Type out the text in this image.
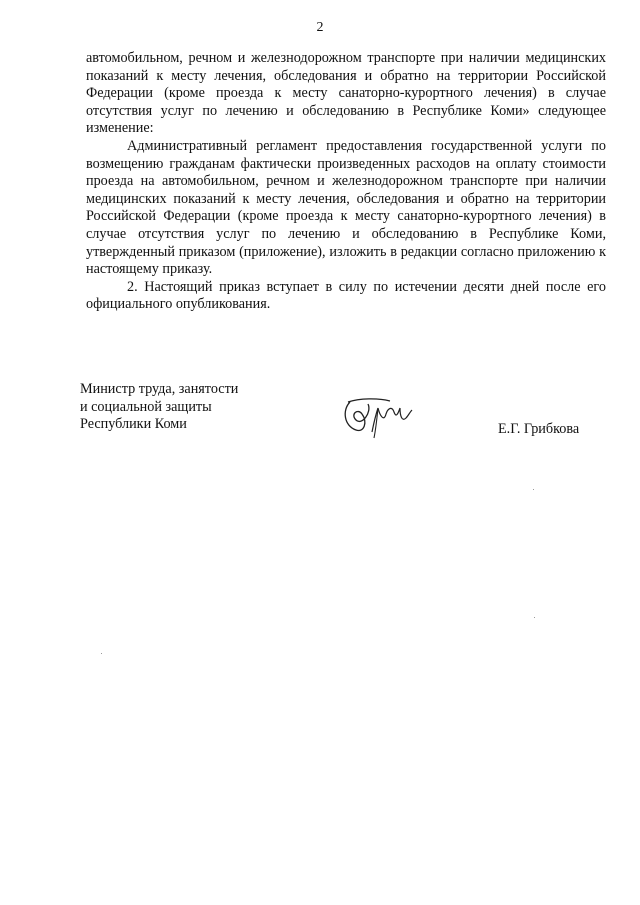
2

автомобильном, речном и железнодорожном транспорте при наличии медицинских показаний к месту лечения, обследования и обратно на территории Российской Федерации (кроме проезда к месту санаторно-курортного лечения) в случае отсутствия услуг по лечению и обследованию в Республике Коми» следующее изменение:

Административный регламент предоставления государственной услуги по возмещению гражданам фактически произведенных расходов на оплату стоимости проезда на автомобильном, речном и железнодорожном транспорте при наличии медицинских показаний к месту лечения, обследования и обратно на территории Российской Федерации (кроме проезда к месту санаторно-курортного лечения) в случае отсутствия услуг по лечению и обследованию в Республике Коми, утвержденный приказом (приложение), изложить в редакции согласно приложению к настоящему приказу.

2. Настоящий приказ вступает в силу по истечении десяти дней после его официального опубликования.

Министр труда, занятости
и социальной защиты
Республики Коми	Е.Г. Грибкова
